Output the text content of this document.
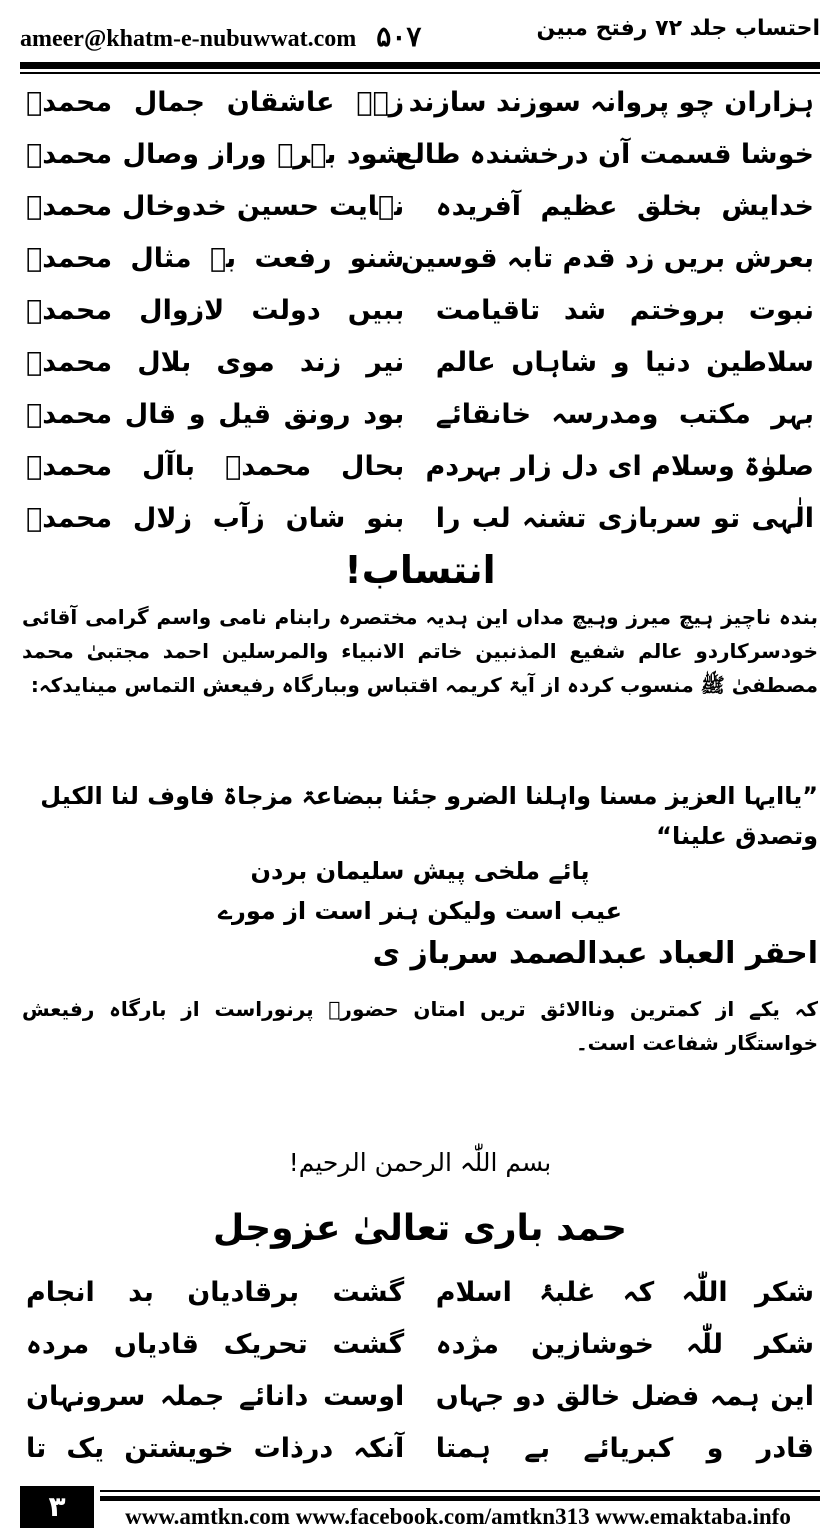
ameer@khatm-e-nubuwwat.com ۵۰۷	احتساب جلد ۷۲ رفتح مبین
ہزاران چو پروانہ سوزند سازند
زہے عاشقان جمال محمدؐ
خوشا قسمت آن درخشندہ طالع
شود بہرہ وراز وصال محمدؐ
خدایش بخلق عظیم آفریدہ
نہایت حسین خدوخال محمدؐ
بعرش بریں زد قدم تابہ قوسین
شنو رفعت بے مثال محمدؐ
نبوت بروختم شد تاقیامت
ببیں دولت لازوال محمدؐ
سلاطین دنیا و شاہاں عالم
نیر زند موی بلال محمدؐ
بہر مکتب ومدرسہ خانقائے
بود رونق قیل و قال محمدؐ
صلوٰۃ وسلام ای دل زار بہردم
بحال محمدؐ باآل محمدؐ
الٰہی تو سربازی تشنہ لب را
بنو شان زآب زلال محمدؐ
انتساب!
بندہ ناچیز ہیچ میرز وہیچ مداں این ہدیہ مختصرہ رابنام نامی واسم گرامی آقائی خودسرکاردو عالم شفیع المذنبین خاتم الانبیاء والمرسلین احمد مجتبیٰ محمد مصطفیٰ ﷺ منسوب کردہ از آیۃ کریمہ اقتباس وببارگاہ رفیعش التماس مینایدکہ:
”یاایہا العزیز مسنا واہلنا الضرو جئنا ببضاعۃ مزجاۃ فاوف لنا الکیل وتصدق علینا“
پائے ملخی پیش سلیمان بردن
عیب است ولیکن ہنر است از مورے
احقر العباد عبدالصمد سرباز ی
کہ یکے از کمترین وناالائق تریں امتان حضورؐ پرنوراست از بارگاہ رفیعش خواستگار شفاعت است۔
بسم اللّٰہ الرحمن الرحیم!
حمد باری تعالیٰ عزوجل
شکر اللّٰہ کہ غلبۂ اسلام
گشت برقادیان بد انجام
شکر للّٰہ خوشازین مژدہ
گشت تحریک قادیاں مردہ
این ہمہ فضل خالق دو جہاں
اوست دانائے جملہ سرونہان
قادر و کبریائے بے ہمتا
آنکہ درذات خویشتن یک تا
۳	www.amtkn.com www.facebook.com/amtkn313 www.emaktaba.info
